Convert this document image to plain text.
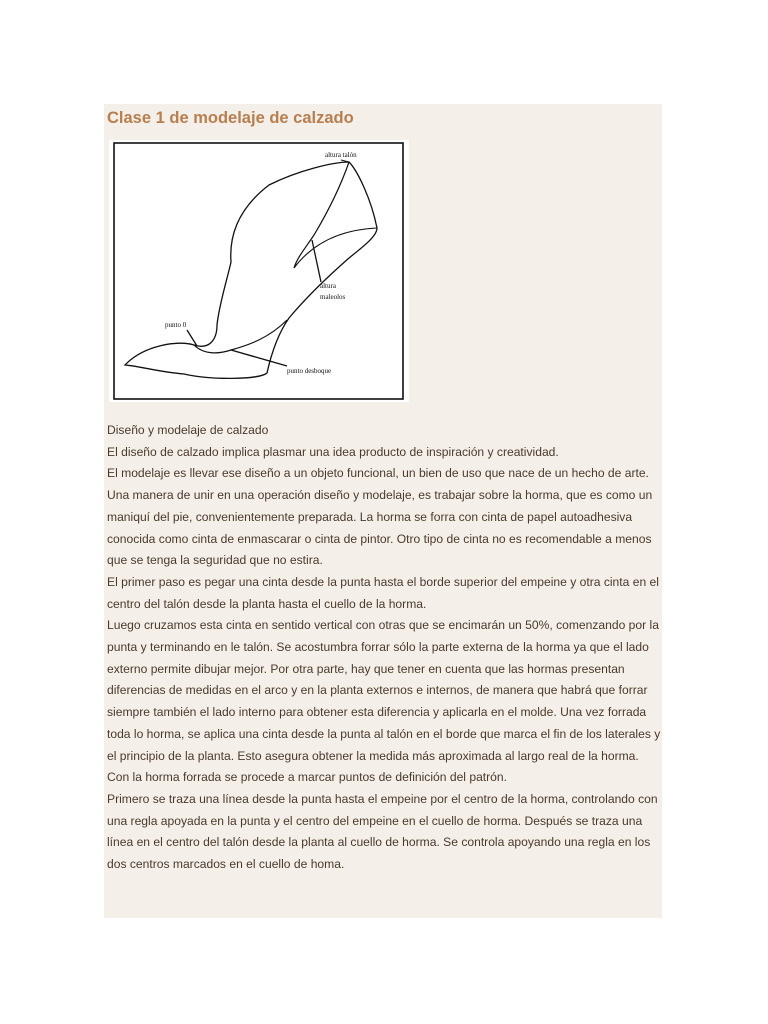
Clase 1 de modelaje de calzado
altura talón
altura
maleolos
punto 0
punto desboque

Diseño y modelaje de calzado

El diseño de calzado implica plasmar una idea producto de inspiración y creatividad.

El modelaje es llevar ese diseño a un objeto funcional, un bien de uso que nace de un hecho de arte.

Una manera de unir en una operación diseño y modelaje, es trabajar sobre la horma, que es como un maniquí del pie, convenientemente preparada. La horma se forra con cinta de papel autoadhesiva conocida como cinta de enmascarar o cinta de pintor. Otro tipo de cinta no es recomendable a menos que se tenga la seguridad que no estira.

El primer paso es pegar una cinta desde la punta hasta el borde superior del empeine y otra cinta en el centro del talón desde la planta hasta el cuello de la horma.

Luego cruzamos esta cinta en sentido vertical con otras que se encimarán un 50%, comenzando por la punta y terminando en le talón. Se acostumbra forrar sólo la parte externa de la horma ya que el lado externo permite dibujar mejor. Por otra parte, hay que tener en cuenta que las hormas presentan diferencias de medidas en el arco y en la planta externos e internos, de manera que habrá que forrar siempre también el lado interno para obtener esta diferencia y aplicarla en el molde. Una vez forrada toda lo horma, se aplica una cinta desde la punta al talón en el borde que marca el fin de los laterales y el principio de la planta. Esto asegura obtener la medida más aproximada al largo real de la horma.

Con la horma forrada se procede a marcar puntos de definición del patrón.

Primero se traza una línea desde la punta hasta el empeine por el centro de la horma, controlando con una regla apoyada en la punta y el centro del empeine en el cuello de horma. Después se traza una línea en el centro del talón desde la planta al cuello de horma. Se controla apoyando una regla en los dos centros marcados en el cuello de homa.
